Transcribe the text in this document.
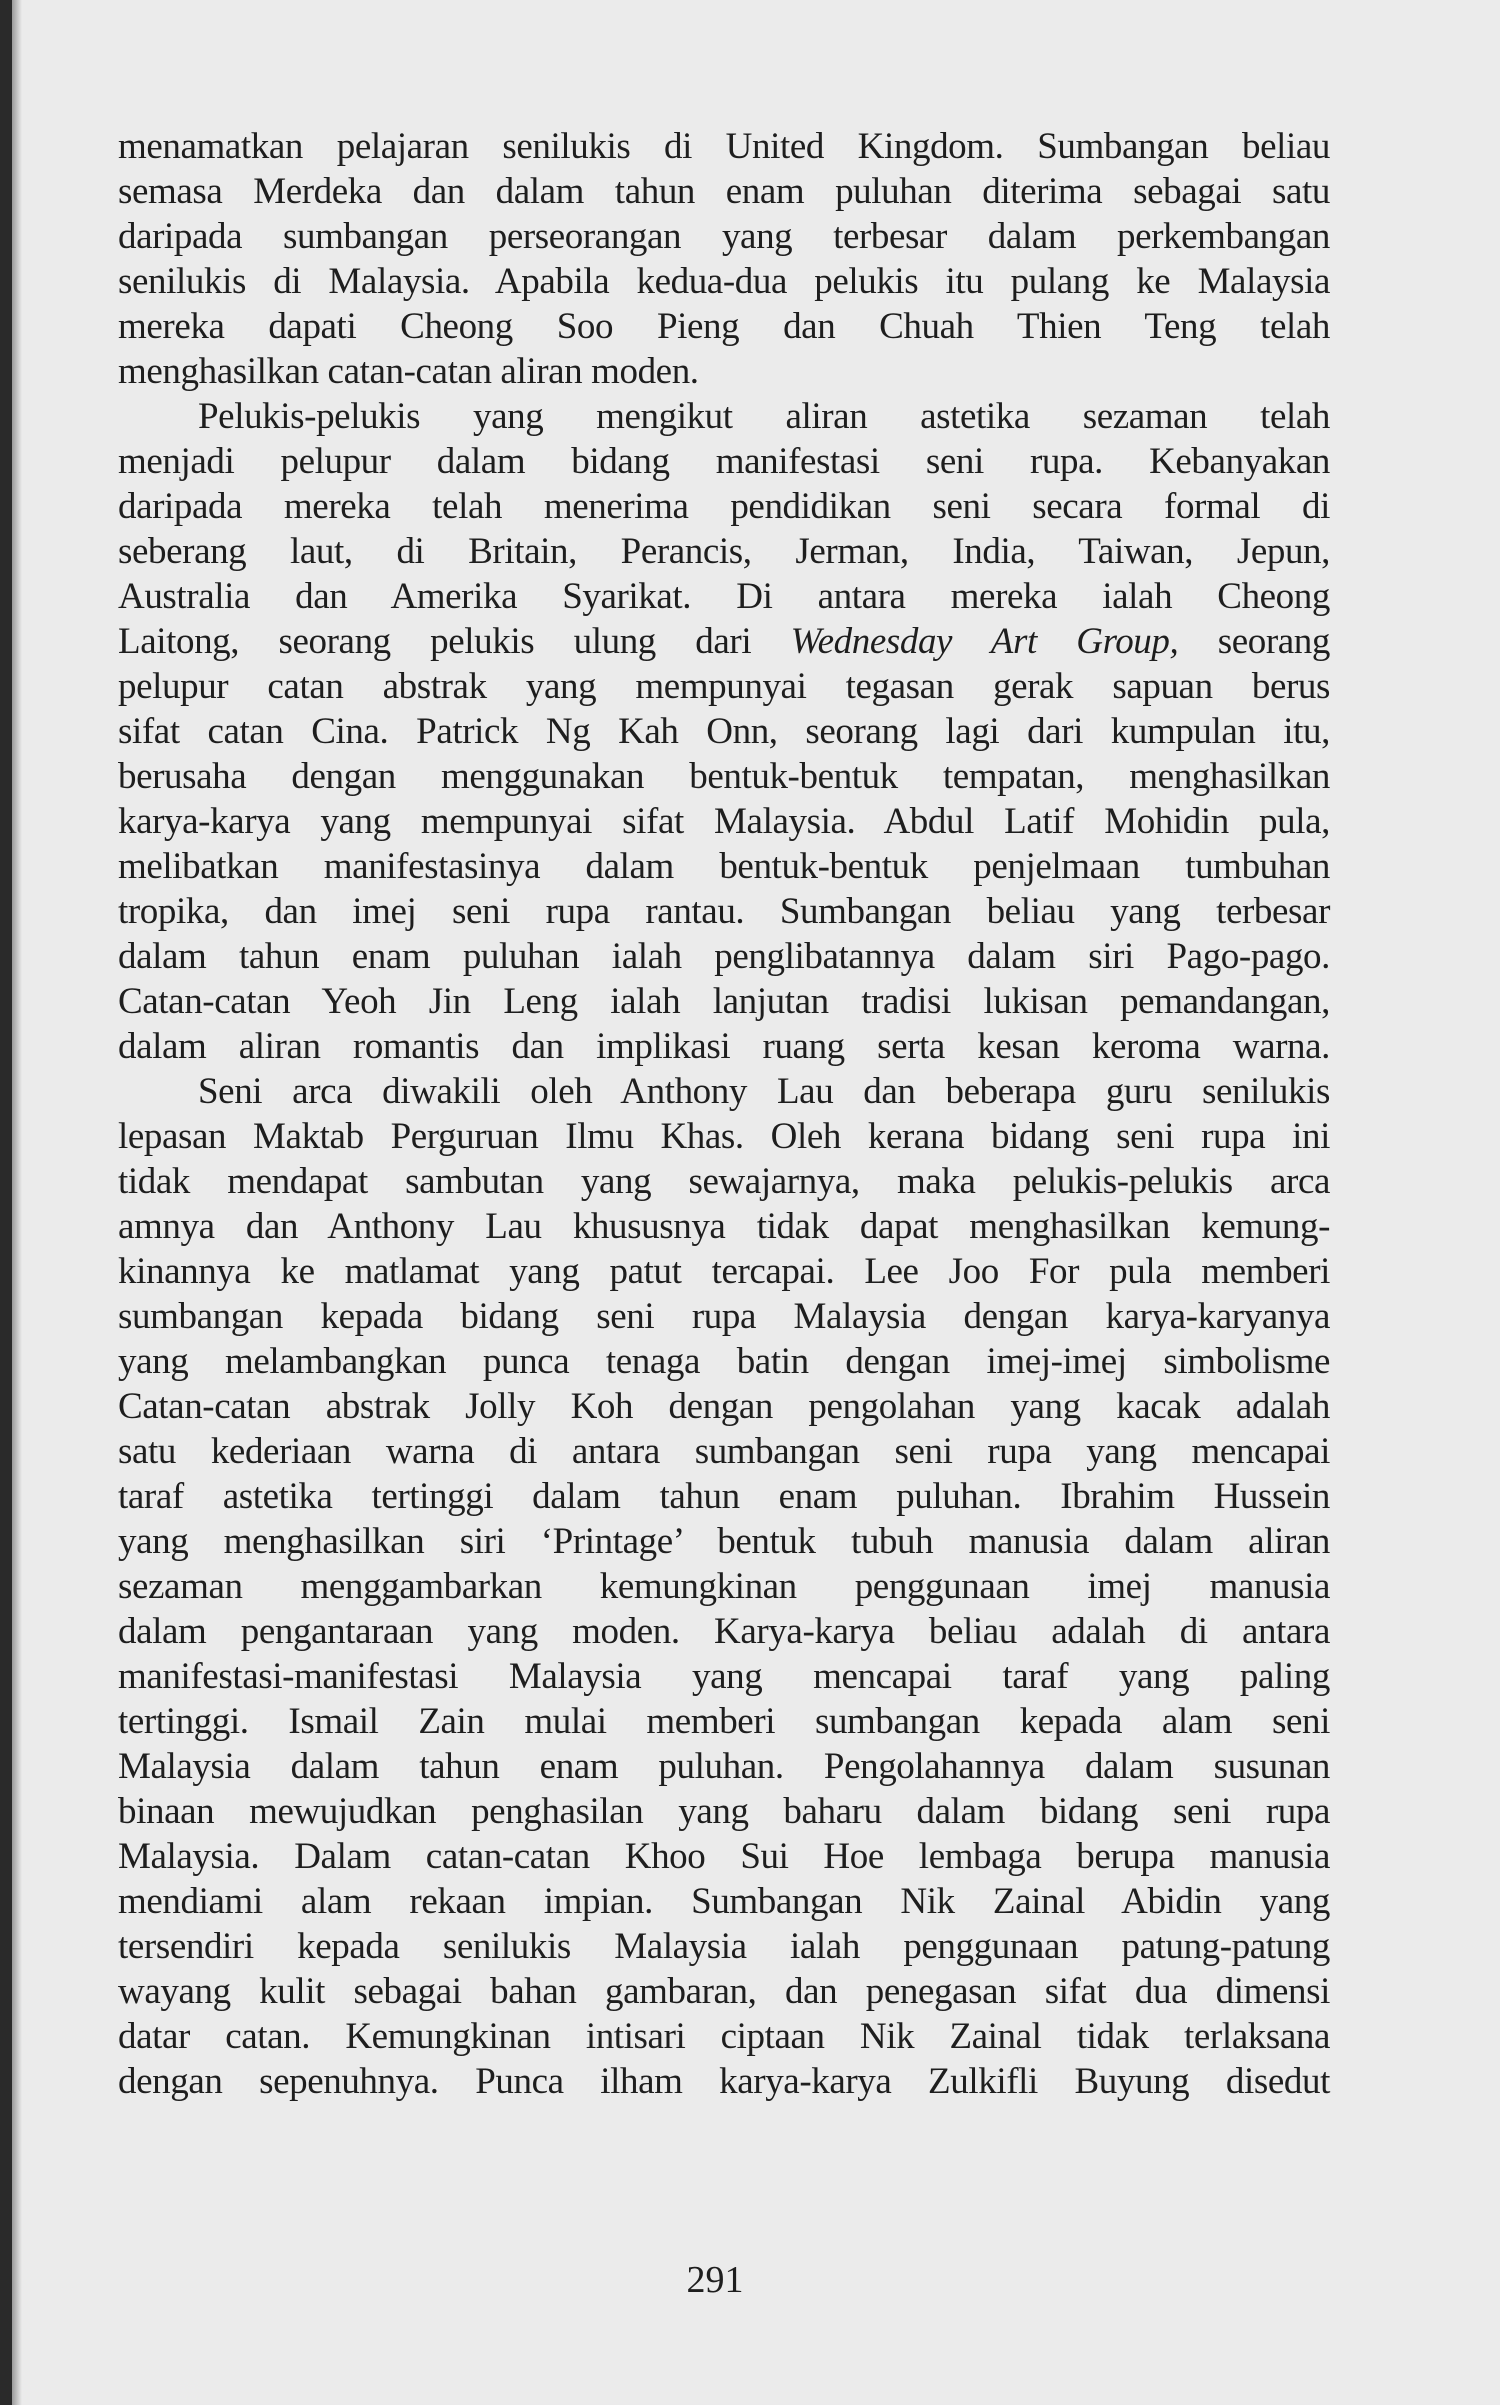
menamatkan pelajaran senilukis di United Kingdom. Sumbangan beliau
semasa Merdeka dan dalam tahun enam puluhan diterima sebagai satu
daripada sumbangan perseorangan yang terbesar dalam perkembangan
senilukis di Malaysia. Apabila kedua-dua pelukis itu pulang ke Malaysia
mereka dapati Cheong Soo Pieng dan Chuah Thien Teng telah
menghasilkan catan-catan aliran moden.
Pelukis-pelukis yang mengikut aliran astetika sezaman telah
menjadi pelupur dalam bidang manifestasi seni rupa. Kebanyakan
daripada mereka telah menerima pendidikan seni secara formal di
seberang laut, di Britain, Perancis, Jerman, India, Taiwan, Jepun,
Australia dan Amerika Syarikat. Di antara mereka ialah Cheong
Laitong, seorang pelukis ulung dari Wednesday Art Group, seorang
pelupur catan abstrak yang mempunyai tegasan gerak sapuan berus
sifat catan Cina. Patrick Ng Kah Onn, seorang lagi dari kumpulan itu,
berusaha dengan menggunakan bentuk-bentuk tempatan, menghasilkan
karya-karya yang mempunyai sifat Malaysia. Abdul Latif Mohidin pula,
melibatkan manifestasinya dalam bentuk-bentuk penjelmaan tumbuhan
tropika, dan imej seni rupa rantau. Sumbangan beliau yang terbesar
dalam tahun enam puluhan ialah penglibatannya dalam siri Pago-pago.
Catan-catan Yeoh Jin Leng ialah lanjutan tradisi lukisan pemandangan,
dalam aliran romantis dan implikasi ruang serta kesan keroma warna.
Seni arca diwakili oleh Anthony Lau dan beberapa guru senilukis
lepasan Maktab Perguruan Ilmu Khas. Oleh kerana bidang seni rupa ini
tidak mendapat sambutan yang sewajarnya, maka pelukis-pelukis arca
amnya dan Anthony Lau khususnya tidak dapat menghasilkan kemung-
kinannya ke matlamat yang patut tercapai. Lee Joo For pula memberi
sumbangan kepada bidang seni rupa Malaysia dengan karya-karyanya
yang melambangkan punca tenaga batin dengan imej-imej simbolisme
Catan-catan abstrak Jolly Koh dengan pengolahan yang kacak adalah
satu kederiaan warna di antara sumbangan seni rupa yang mencapai
taraf astetika tertinggi dalam tahun enam puluhan. Ibrahim Hussein
yang menghasilkan siri ‘Printage’ bentuk tubuh manusia dalam aliran
sezaman menggambarkan kemungkinan penggunaan imej manusia
dalam pengantaraan yang moden. Karya-karya beliau adalah di antara
manifestasi-manifestasi Malaysia yang mencapai taraf yang paling
tertinggi. Ismail Zain mulai memberi sumbangan kepada alam seni
Malaysia dalam tahun enam puluhan. Pengolahannya dalam susunan
binaan mewujudkan penghasilan yang baharu dalam bidang seni rupa
Malaysia. Dalam catan-catan Khoo Sui Hoe lembaga berupa manusia
mendiami alam rekaan impian. Sumbangan Nik Zainal Abidin yang
tersendiri kepada senilukis Malaysia ialah penggunaan patung-patung
wayang kulit sebagai bahan gambaran, dan penegasan sifat dua dimensi
datar catan. Kemungkinan intisari ciptaan Nik Zainal tidak terlaksana
dengan sepenuhnya. Punca ilham karya-karya Zulkifli Buyung disedut
291
